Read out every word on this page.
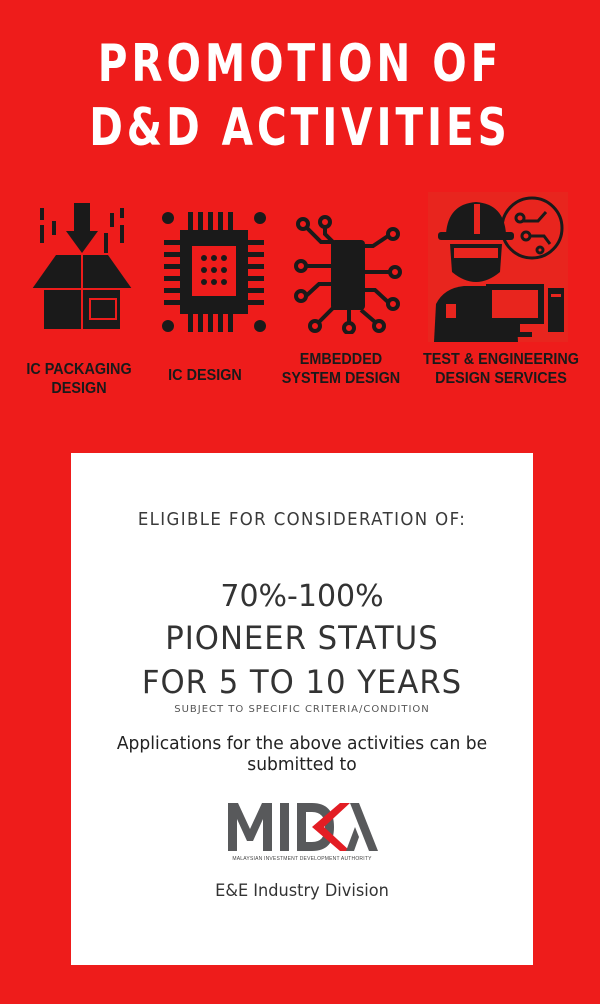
PROMOTION OF
D&D ACTIVITIES
IC PACKAGING
DESIGN
IC DESIGN
EMBEDDED
SYSTEM DESIGN
TEST & ENGINEERING
DESIGN SERVICES
ELIGIBLE FOR CONSIDERATION OF:
70%-100%
PIONEER STATUS
FOR 5 TO 10 YEARS
SUBJECT TO SPECIFIC CRITERIA/CONDITION
Applications for the above activities can be
submitted to
MALAYSIAN INVESTMENT DEVELOPMENT AUTHORITY
E&E Industry Division
